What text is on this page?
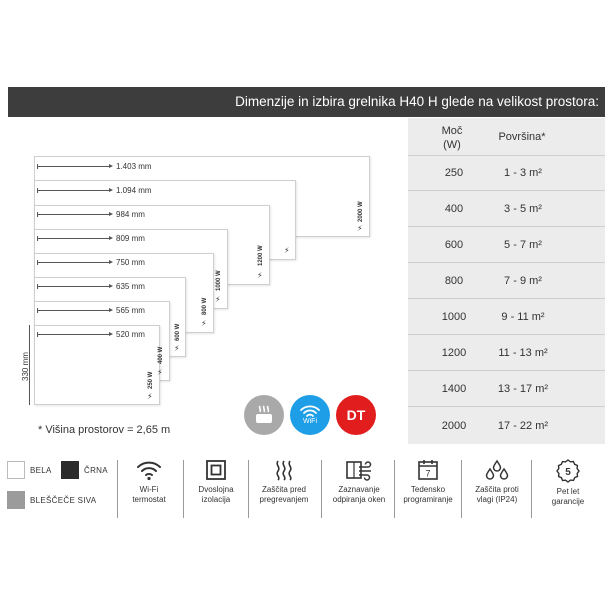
Dimenzije in izbira grelnika H40 H glede na velikost prostora:
Moč
(W)
Površina*
250	1 - 3 m²
400	3 - 5 m²
600	5 - 7 m²
800	7 - 9 m²
1000	9 - 11 m²
1200	11 - 13 m²
1400	13 - 17 m²
2000	17 - 22 m²
1.403 mm
1.094 mm
984 mm
809 mm
750 mm
635 mm
565 mm
520 mm
2000 W
⚡
⚡
1200 W
⚡
1000 W
⚡
800 W
⚡
600 W
⚡
400 W
⚡
250 W
⚡
330 mm
* Višina prostorov = 2,65 m
WiFi DT
BELA	ČRNA
BLEŠČEČE SIVA
Wi-Fi
termostat
Dvoslojna
izolacija
Zaščita pred
pregrevanjem
Zaznavanje
odpiranja oken
7
Tedensko
programiranje
Zaščita proti
vlagi (IP24)
5
Pet let
garancije
